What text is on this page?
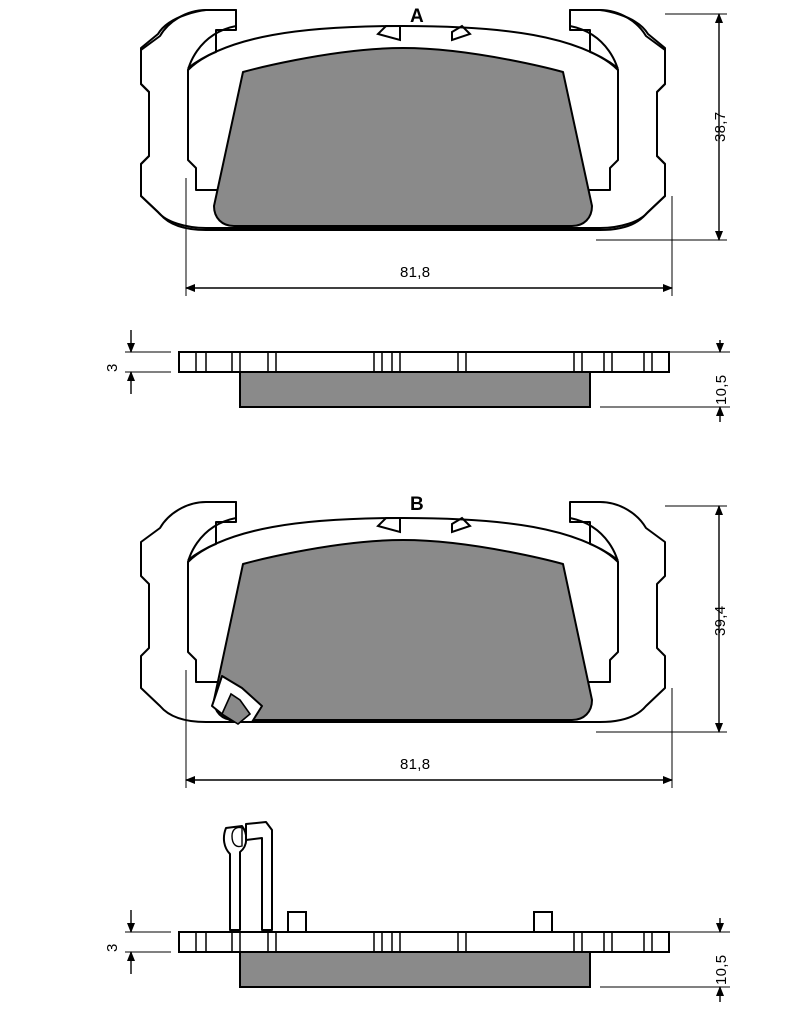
A
38,7
81,8
3
10,5
B
39,4
81,8
3
10,5
